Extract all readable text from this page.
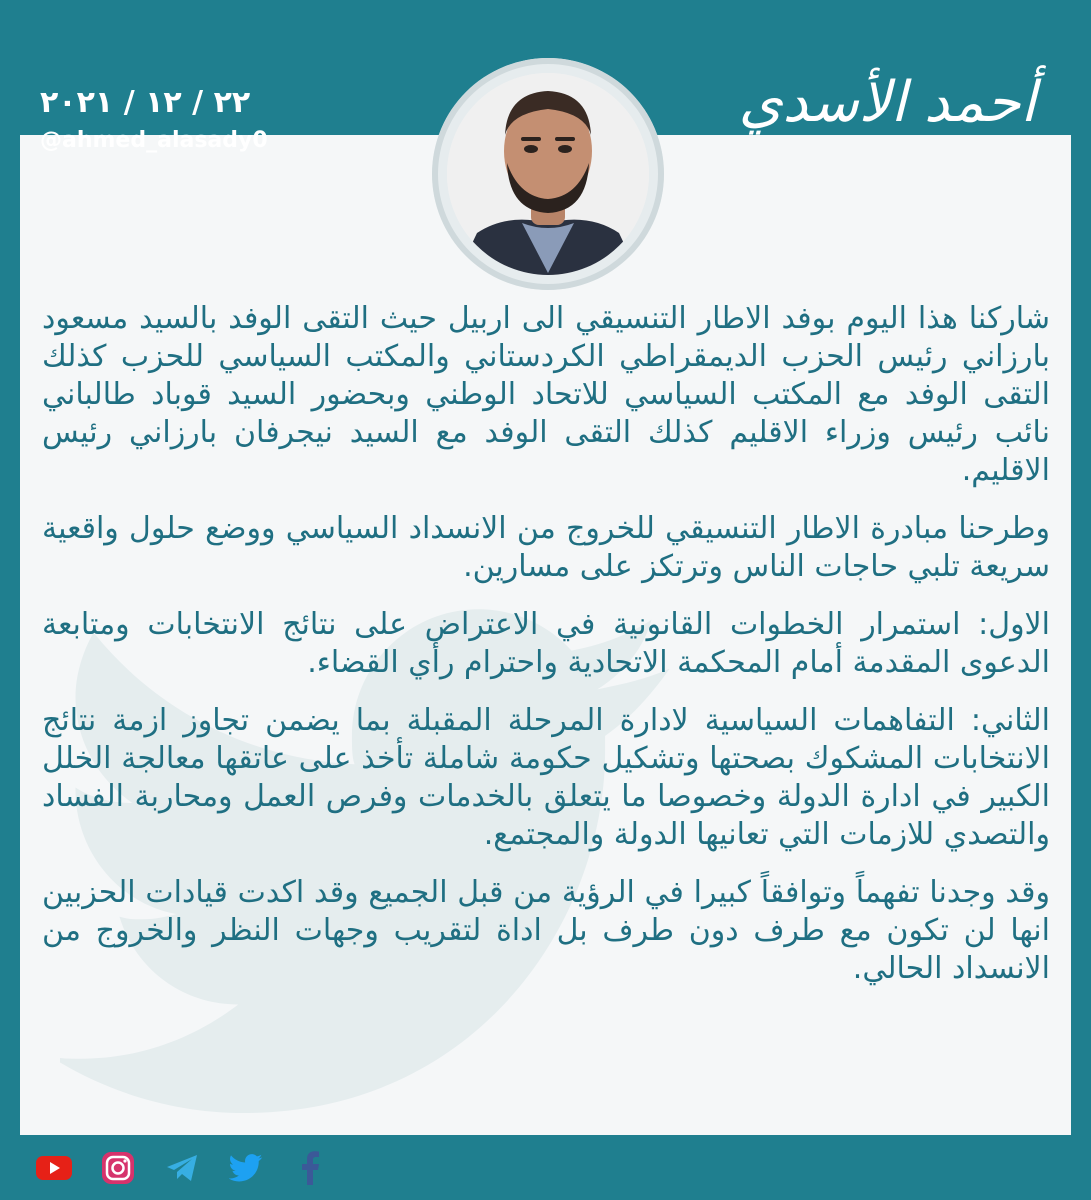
أحمد الأسدي
٢٢ / ١٢ / ٢٠٢١
@ahmed_alasady0

شاركنا هذا اليوم بوفد الاطار التنسيقي الى اربيل حيث التقى الوفد بالسيد مسعود بارزاني رئيس الحزب الديمقراطي الكردستاني والمكتب السياسي للحزب كذلك التقى الوفد مع المكتب السياسي للاتحاد الوطني وبحضور السيد قوباد طالباني نائب رئيس وزراء الاقليم كذلك التقى الوفد مع السيد نيجرفان بارزاني رئيس الاقليم.

وطرحنا مبادرة الاطار التنسيقي للخروج من الانسداد السياسي ووضع حلول واقعية سريعة تلبي حاجات الناس وترتكز على مسارين.

الاول: استمرار الخطوات القانونية في الاعتراض على نتائج الانتخابات ومتابعة الدعوى المقدمة أمام المحكمة الاتحادية واحترام رأي القضاء.

الثاني: التفاهمات السياسية لادارة المرحلة المقبلة بما يضمن تجاوز ازمة نتائج الانتخابات المشكوك بصحتها وتشكيل حكومة شاملة تأخذ على عاتقها معالجة الخلل الكبير في ادارة الدولة وخصوصا ما يتعلق بالخدمات وفرص العمل ومحاربة الفساد والتصدي للازمات التي تعانيها الدولة والمجتمع.

وقد وجدنا تفهماً وتوافقاً كبيرا في الرؤية من قبل الجميع وقد اكدت قيادات الحزبين انها لن تكون مع طرف دون طرف بل اداة لتقريب وجهات النظر والخروج من الانسداد الحالي.
